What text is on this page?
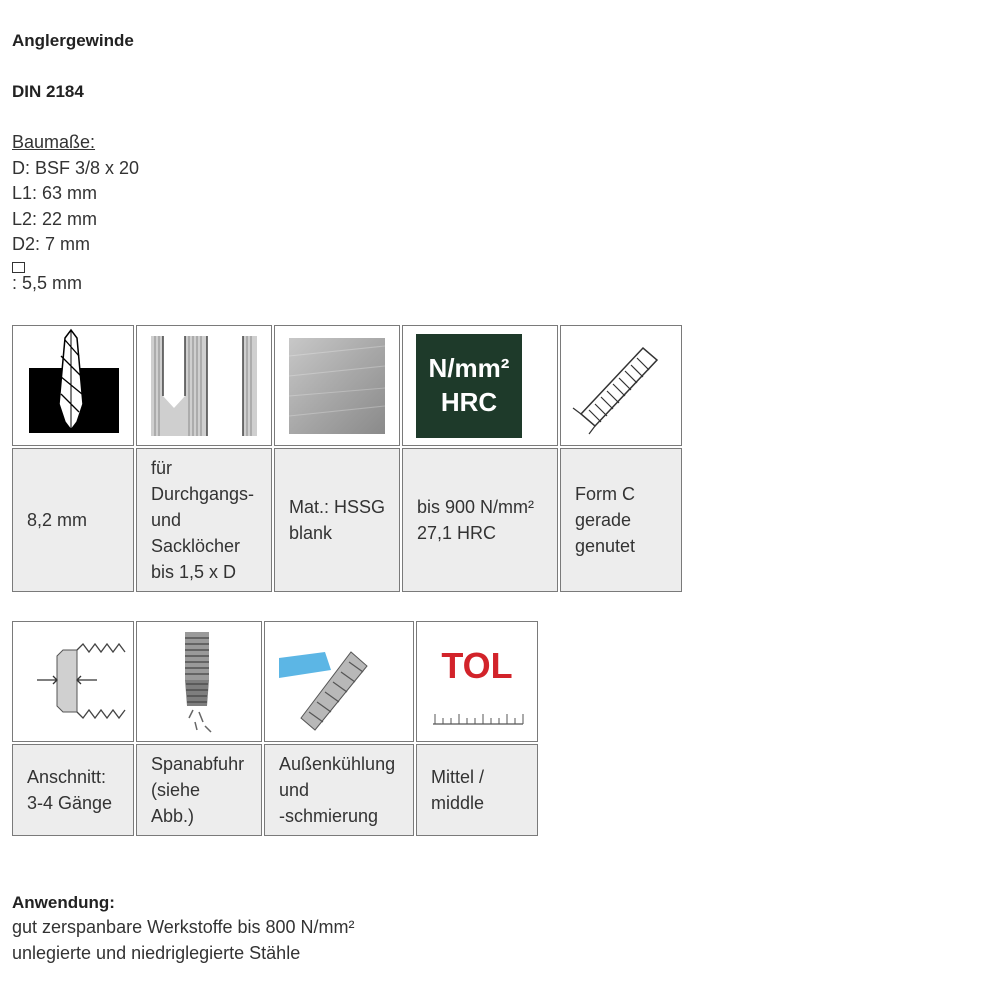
Anglergewinde
DIN 2184
Baumaße:
D: BSF 3/8 x 20
L1: 63 mm
L2: 22 mm
D2: 7 mm
: 5,5 mm
N/mm²
HRC
8,2 mm
für
Durchgangs-
und
Sacklöcher
bis 1,5 x D
Mat.: HSSG
blank
bis 900 N/mm²
27,1 HRC
Form C
gerade
genutet
TOL
Anschnitt:
3-4 Gänge
Spanabfuhr
(siehe
Abb.)
Außenkühlung
und
-schmierung
Mittel /
middle
Anwendung:
gut zerspanbare Werkstoffe bis 800 N/mm²
unlegierte und niedriglegierte Stähle
